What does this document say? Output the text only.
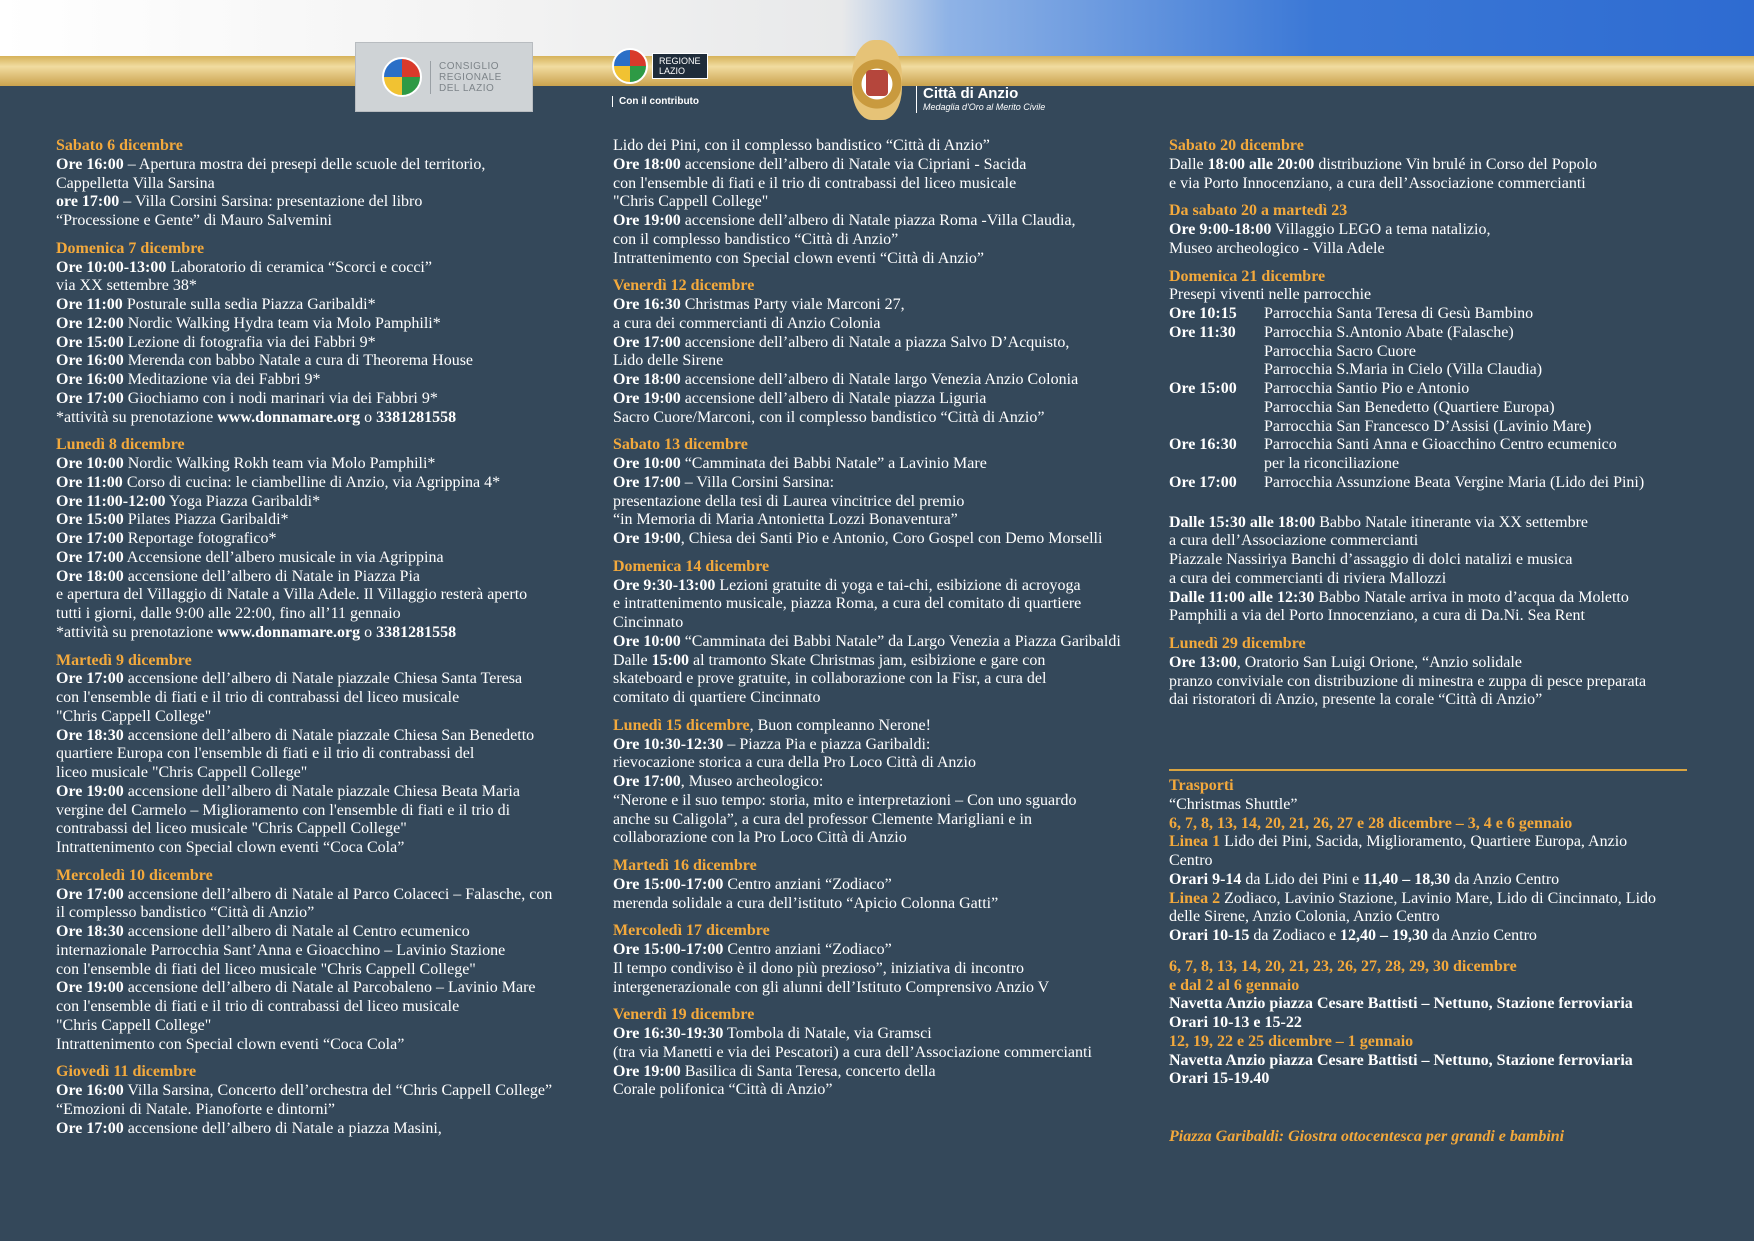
CONSIGLIO
REGIONALE
DEL LAZIO
REGIONE
LAZIO
Con il contributo	Città di Anzio
Medaglia d'Oro al Merito Civile
Sabato 6 dicembre
Ore 16:00 – Apertura mostra dei presepi delle scuole del territorio,
Cappelletta Villa Sarsina
ore 17:00 – Villa Corsini Sarsina: presentazione del libro
“Processione e Gente” di Mauro Salvemini
Domenica 7 dicembre
Ore 10:00-13:00 Laboratorio di ceramica “Scorci e cocci”
via XX settembre 38*
Ore 11:00 Posturale sulla sedia Piazza Garibaldi*
Ore 12:00 Nordic Walking Hydra team via Molo Pamphili*
Ore 15:00 Lezione di fotografia via dei Fabbri 9*
Ore 16:00 Merenda con babbo Natale a cura di Theorema House
Ore 16:00 Meditazione via dei Fabbri 9*
Ore 17:00 Giochiamo con i nodi marinari via dei Fabbri 9*
*attività su prenotazione www.donnamare.org o 3381281558
Lunedì 8 dicembre
Ore 10:00 Nordic Walking Rokh team via Molo Pamphili*
Ore 11:00 Corso di cucina: le ciambelline di Anzio, via Agrippina 4*
Ore 11:00-12:00 Yoga Piazza Garibaldi*
Ore 15:00 Pilates Piazza Garibaldi*
Ore 17:00 Reportage fotografico*
Ore 17:00 Accensione dell’albero musicale in via Agrippina
Ore 18:00 accensione dell’albero di Natale in Piazza Pia
e apertura del Villaggio di Natale a Villa Adele. Il Villaggio resterà aperto
tutti i giorni, dalle 9:00 alle 22:00, fino all’11 gennaio
*attività su prenotazione www.donnamare.org o 3381281558
Martedì 9 dicembre
Ore 17:00 accensione dell’albero di Natale piazzale Chiesa Santa Teresa
con l'ensemble di fiati e il trio di contrabassi del liceo musicale
"Chris Cappell College"
Ore 18:30 accensione dell’albero di Natale piazzale Chiesa San Benedetto
quartiere Europa con l'ensemble di fiati e il trio di contrabassi del
liceo musicale "Chris Cappell College"
Ore 19:00 accensione dell’albero di Natale piazzale Chiesa Beata Maria
vergine del Carmelo – Miglioramento con l'ensemble di fiati e il trio di
contrabassi del liceo musicale "Chris Cappell College"
Intrattenimento con Special clown eventi “Coca Cola”
Mercoledì 10 dicembre
Ore 17:00 accensione dell’albero di Natale al Parco Colaceci – Falasche, con
il complesso bandistico “Città di Anzio”
Ore 18:30 accensione dell’albero di Natale al Centro ecumenico
internazionale Parrocchia Sant’Anna e Gioacchino – Lavinio Stazione
con l'ensemble di fiati del liceo musicale "Chris Cappell College"
Ore 19:00 accensione dell’albero di Natale al Parcobaleno – Lavinio Mare
con l'ensemble di fiati e il trio di contrabassi del liceo musicale
"Chris Cappell College"
Intrattenimento con Special clown eventi “Coca Cola”
Giovedì 11 dicembre
Ore 16:00 Villa Sarsina, Concerto dell’orchestra del “Chris Cappell College”
“Emozioni di Natale. Pianoforte e dintorni”
Ore 17:00 accensione dell’albero di Natale a piazza Masini,
Lido dei Pini, con il complesso bandistico “Città di Anzio”
Ore 18:00 accensione dell’albero di Natale via Cipriani - Sacida
con l'ensemble di fiati e il trio di contrabassi del liceo musicale
"Chris Cappell College"
Ore 19:00 accensione dell’albero di Natale piazza Roma -Villa Claudia,
con il complesso bandistico “Città di Anzio”
Intrattenimento con Special clown eventi “Città di Anzio”
Venerdì 12 dicembre
Ore 16:30 Christmas Party viale Marconi 27,
a cura dei commercianti di Anzio Colonia
Ore 17:00 accensione dell’albero di Natale a piazza Salvo D’Acquisto,
Lido delle Sirene
Ore 18:00 accensione dell’albero di Natale largo Venezia Anzio Colonia
Ore 19:00 accensione dell’albero di Natale piazza Liguria
Sacro Cuore/Marconi, con il complesso bandistico “Città di Anzio”
Sabato 13 dicembre
Ore 10:00 “Camminata dei Babbi Natale” a Lavinio Mare
Ore 17:00 – Villa Corsini Sarsina:
presentazione della tesi di Laurea vincitrice del premio
“in Memoria di Maria Antonietta Lozzi Bonaventura”
Ore 19:00, Chiesa dei Santi Pio e Antonio, Coro Gospel con Demo Morselli
Domenica 14 dicembre
Ore 9:30-13:00 Lezioni gratuite di yoga e tai-chi, esibizione di acroyoga
e intrattenimento musicale, piazza Roma, a cura del comitato di quartiere
Cincinnato
Ore 10:00 “Camminata dei Babbi Natale” da Largo Venezia a Piazza Garibaldi
Dalle 15:00 al tramonto Skate Christmas jam, esibizione e gare con
skateboard e prove gratuite, in collaborazione con la Fisr, a cura del
comitato di quartiere Cincinnato
Lunedì 15 dicembre, Buon compleanno Nerone!
Ore 10:30-12:30 – Piazza Pia e piazza Garibaldi:
rievocazione storica a cura della Pro Loco Città di Anzio
Ore 17:00, Museo archeologico:
“Nerone e il suo tempo: storia, mito e interpretazioni – Con uno sguardo
anche su Caligola”, a cura del professor Clemente Marigliani e in
collaborazione con la Pro Loco Città di Anzio
Martedì 16 dicembre
Ore 15:00-17:00 Centro anziani “Zodiaco”
merenda solidale a cura dell’istituto “Apicio Colonna Gatti”
Mercoledì 17 dicembre
Ore 15:00-17:00 Centro anziani “Zodiaco”
Il tempo condiviso è il dono più prezioso”, iniziativa di incontro
intergenerazionale con gli alunni dell’Istituto Comprensivo Anzio V
Venerdì 19 dicembre
Ore 16:30-19:30 Tombola di Natale, via Gramsci
(tra via Manetti e via dei Pescatori) a cura dell’Associazione commercianti
Ore 19:00 Basilica di Santa Teresa, concerto della
Corale polifonica “Città di Anzio”
Sabato 20 dicembre
Dalle 18:00 alle 20:00 distribuzione Vin brulé in Corso del Popolo
e via Porto Innocenziano, a cura dell’Associazione commercianti
Da sabato 20 a martedì 23
Ore 9:00-18:00 Villaggio LEGO a tema natalizio,
Museo archeologico - Villa Adele
Domenica 21 dicembre
Presepi viventi nelle parrocchie
Ore 10:15	Parrocchia Santa Teresa di Gesù Bambino
Ore 11:30	Parrocchia S.Antonio Abate (Falasche)
Parrocchia Sacro Cuore
Parrocchia S.Maria in Cielo (Villa Claudia)
Ore 15:00	Parrocchia Santio Pio e Antonio
Parrocchia San Benedetto (Quartiere Europa)
Parrocchia San Francesco D’Assisi (Lavinio Mare)
Ore 16:30	Parrocchia Santi Anna e Gioacchino Centro ecumenico
per la riconciliazione
Ore 17:00	Parrocchia Assunzione Beata Vergine Maria (Lido dei Pini)
Dalle 15:30 alle 18:00 Babbo Natale itinerante via XX settembre
a cura dell’Associazione commercianti
Piazzale Nassiriya Banchi d’assaggio di dolci natalizi e musica
a cura dei commercianti di riviera Mallozzi
Dalle 11:00 alle 12:30 Babbo Natale arriva in moto d’acqua da Moletto
Pamphili a via del Porto Innocenziano, a cura di Da.Ni. Sea Rent
Lunedì 29 dicembre
Ore 13:00, Oratorio San Luigi Orione, “Anzio solidale
pranzo conviviale con distribuzione di minestra e zuppa di pesce preparata
dai ristoratori di Anzio, presente la corale “Città di Anzio”
Trasporti
“Christmas Shuttle”
6, 7, 8, 13, 14, 20, 21, 26, 27 e 28 dicembre – 3, 4 e 6 gennaio
Linea 1 Lido dei Pini, Sacida, Miglioramento, Quartiere Europa, Anzio
Centro
Orari 9-14 da Lido dei Pini e 11,40 – 18,30 da Anzio Centro
Linea 2 Zodiaco, Lavinio Stazione, Lavinio Mare, Lido di Cincinnato, Lido
delle Sirene, Anzio Colonia, Anzio Centro
Orari 10-15 da Zodiaco e 12,40 – 19,30 da Anzio Centro
6, 7, 8, 13, 14, 20, 21, 23, 26, 27, 28, 29, 30 dicembre
e dal 2 al 6 gennaio
Navetta Anzio piazza Cesare Battisti – Nettuno, Stazione ferroviaria
Orari 10-13 e 15-22
12, 19, 22 e 25 dicembre – 1 gennaio
Navetta Anzio piazza Cesare Battisti – Nettuno, Stazione ferroviaria
Orari 15-19.40
Piazza Garibaldi: Giostra ottocentesca per grandi e bambini
